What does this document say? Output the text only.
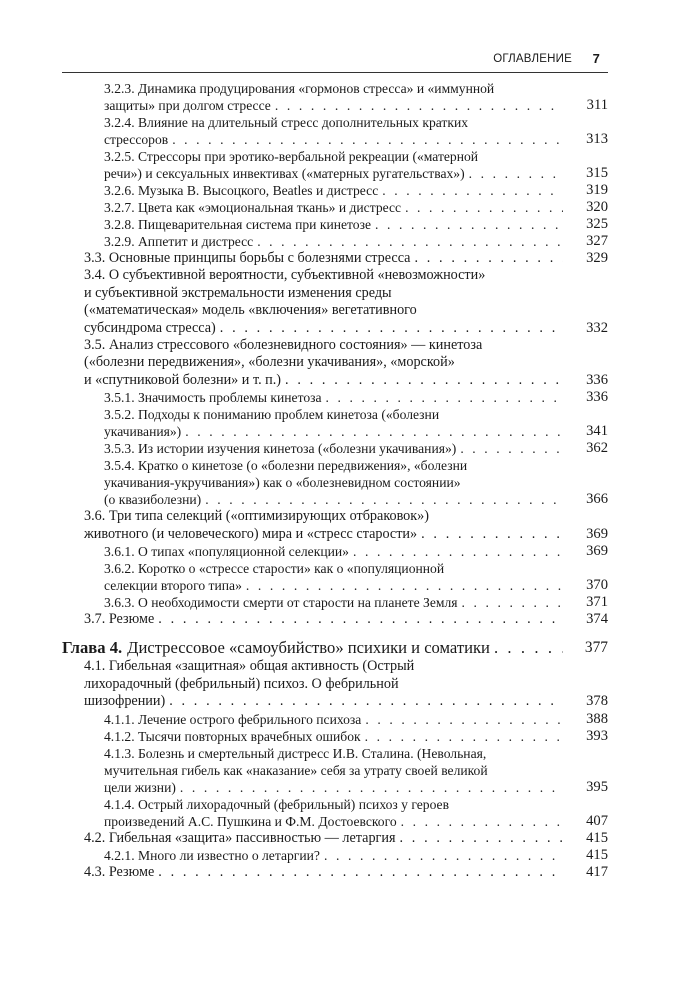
ОГЛАВЛЕНИЕ 7
3.2.3. Динамика продуцирования «гормонов стресса» и «иммунной
защиты» при долгом стрессе . . .	311
3.2.4. Влияние на длительный стресс дополнительных кратких
стрессоров . . .	313
3.2.5. Стрессоры при эротико-вербальной рекреации («матерной
речи») и сексуальных инвективах («матерных ругательствах») . . .	315
3.2.6. Музыка В. Высоцкого, Beatles и дистресс . . .	319
3.2.7. Цвета как «эмоциональная ткань» и дистресс . . .	320
3.2.8. Пищеварительная система при кинетозе . . .	325
3.2.9. Аппетит и дистресс . . .	327
3.3. Основные принципы борьбы с болезнями стресса . . .	329
3.4. О субъективной вероятности, субъективной «невозможности»
и субъективной экстремальности изменения среды
(«математическая» модель «включения» вегетативного
субсиндрома стресса) . . .	332
3.5. Анализ стрессового «болезневидного состояния» — кинетоза
(«болезни передвижения», «болезни укачивания», «морской»
и «спутниковой болезни» и т. п.) . . .	336
3.5.1. Значимость проблемы кинетоза . . .	336
3.5.2. Подходы к пониманию проблем кинетоза («болезни
укачивания») . . .	341
3.5.3. Из истории изучения кинетоза («болезни укачивания») . . .	362
3.5.4. Кратко о кинетозе (о «болезни передвижения», «болезни
укачивания-укручивания») как о «болезневидном состоянии»
(о квазиболезни) . . .	366
3.6. Три типа селекций («оптимизирующих отбраковок»)
животного (и человеческого) мира и «стресс старости» . . .	369
3.6.1. О типах «популяционной селекции» . . .	369
3.6.2. Коротко о «стрессе старости» как о «популяционной
селекции второго типа» . . .	370
3.6.3. О необходимости смерти от старости на планете Земля . . .	371
3.7. Резюме . . .	374
Глава 4. Дистрессовое «самоубийство» психики и соматики . . .	377
4.1. Гибельная «защитная» общая активность (Острый
лихорадочный (фебрильный) психоз. О фебрильной
шизофрении) . . .	378
4.1.1. Лечение острого фебрильного психоза . . .	388
4.1.2. Тысячи повторных врачебных ошибок . . .	393
4.1.3. Болезнь и смертельный дистресс И.В. Сталина. (Невольная,
мучительная гибель как «наказание» себя за утрату своей великой
цели жизни) . . .	395
4.1.4. Острый лихорадочный (фебрильный) психоз у героев
произведений А.С. Пушкина и Ф.М. Достоевского . . .	407
4.2. Гибельная «защита» пассивностью — летаргия . . .	415
4.2.1. Много ли известно о летаргии? . . .	415
4.3. Резюме . . .	417
